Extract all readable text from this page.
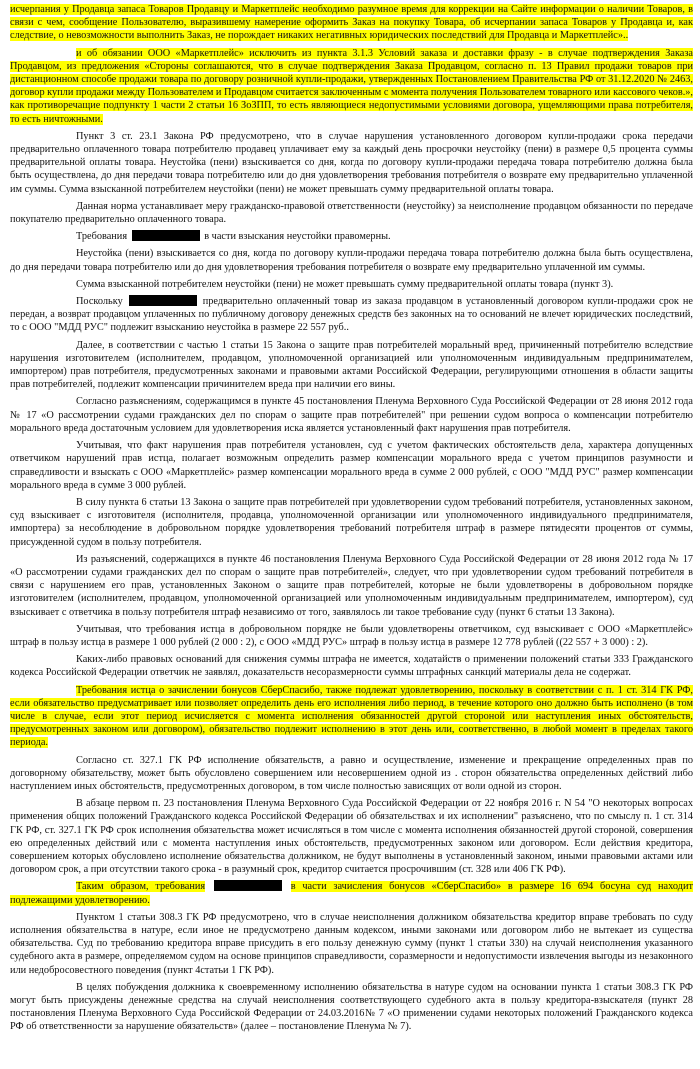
исчерпания у Продавца запаса Товаров Продавцу и Маркетплейс необходимо разумное время для коррекции на Сайте информации о наличии Товаров, в связи с чем, сообщение Пользователю, выразившему намерение оформить Заказ на покупку Товара, об исчерпании запаса Товаров у Продавца и, как следствие, о невозможности выполнить Заказ, не порождает никаких негативных юридических последствий для Продавца и Маркетплейс»..

и об обязании ООО «Маркетплейс» исключить из пункта 3.1.3 Условий заказа и доставки фразу - в случае подтверждения Заказа Продавцом, из предложения «Стороны соглашаются, что в случае подтверждения Заказа Продавцом, согласно п. 13 Правил продажи товаров при дистанционном способе продажи товара по договору розничной купли-продажи, утвержденных Постановлением Правительства РФ от 31.12.2020 № 2463, договор купли продажи между Пользователем и Продавцом считается заключенным с момента получения Пользователем товарного или кассового чеков.», как противоречащие подпункту 1 части 2 статьи 16 ЗоЗПП, то есть являющиеся недопустимыми условиями договора, ущемляющими права потребителя, то есть ничтожными.

Пункт 3 ст. 23.1 Закона РФ предусмотрено, что в случае нарушения установленного договором купли-продажи срока передачи предварительно оплаченного товара потребителю продавец уплачивает ему за каждый день просрочки неустойку (пени) в размере 0,5 процента суммы предварительной оплаты товара. Неустойка (пени) взыскивается со дня, когда по договору купли-продажи передача товара потребителю должна была быть осуществлена, до дня передачи товара потребителю или до дня удовлетворения требования потребителя о возврате ему предварительно уплаченной им суммы. Сумма взысканной потребителем неустойки (пени) не может превышать сумму предварительной оплаты товара.

Данная норма устанавливает меру гражданско-правовой ответственности (неустойку) за неисполнение продавцом обязанности по передаче покупателю предварительно оплаченного товара.

Требования	в части взыскания неустойки правомерны.

Неустойка (пени) взыскивается со дня, когда по договору купли-продажи передача товара потребителю должна была быть осуществлена, до дня передачи товара потребителю или до дня удовлетворения требования потребителя о возврате ему предварительно уплаченной им суммы.

Сумма взысканной потребителем неустойки (пени) не может превышать сумму предварительной оплаты товара (пункт 3).

Поскольку	предварительно оплаченный товар из заказа продавцом в установленный договором купли-продажи срок не передан, а возврат продавцом уплаченных по публичному договору денежных средств без законных на то оснований не влечет юридических последствий, то с ООО "МДД РУС" подлежит взысканию неустойка в размере 22 557 руб..

Далее, в соответствии с частью 1 статьи 15 Закона о защите прав потребителей моральный вред, причиненный потребителю вследствие нарушения изготовителем (исполнителем, продавцом, уполномоченной организацией или уполномоченным индивидуальным предпринимателем, импортером) прав потребителя, предусмотренных законами и правовыми актами Российской Федерации, регулирующими отношения в области защиты прав потребителей, подлежит компенсации причинителем вреда при наличии его вины.

Согласно разъяснениям, содержащимся в пункте 45 постановления Пленума Верховного Суда Российской Федерации от 28 июня 2012 года № 17 «О рассмотрении судами гражданских дел по спорам о защите прав потребителей" при решении судом вопроса о компенсации потребителю морального вреда достаточным условием для удовлетворения иска является установленный факт нарушения прав потребителя.

Учитывая, что факт нарушения прав потребителя установлен, суд с учетом фактических обстоятельств дела, характера допущенных ответчиком нарушений прав истца, полагает возможным определить размер компенсации морального вреда с учетом принципов разумности и справедливости и взыскать с ООО «Маркетплейс» размер компенсации морального вреда в сумме 2 000 рублей, с ООО "МДД РУС" размер компенсации морального вреда в сумме 3 000 рублей.

В силу пункта 6 статьи 13 Закона о защите прав потребителей при удовлетворении судом требований потребителя, установленных законом, суд взыскивает с изготовителя (исполнителя, продавца, уполномоченной организации или уполномоченного индивидуального предпринимателя, импортера) за несоблюдение в добровольном порядке удовлетворения требований потребителя штраф в размере пятидесяти процентов от суммы, присужденной судом в пользу потребителя.

Из разъяснений, содержащихся в пункте 46 постановления Пленума Верховного Суда Российской Федерации от 28 июня 2012 года № 17 «О рассмотрении судами гражданских дел по спорам о защите прав потребителей», следует, что при удовлетворении судом требований потребителя в связи с нарушением его прав, установленных Законом о защите прав потребителей, которые не были удовлетворены в добровольном порядке изготовителем (исполнителем, продавцом, уполномоченной организацией или уполномоченным индивидуальным предпринимателем, импортером), суд взыскивает с ответчика в пользу потребителя штраф независимо от того, заявлялось ли такое требование суду (пункт 6 статьи 13 Закона).

Учитывая, что требования истца в добровольном порядке не были удовлетворены ответчиком, суд взыскивает с ООО «Маркетплейс» штраф в пользу истца в размере 1 000 рублей (2 000 : 2), с ООО «МДД РУС» штраф в пользу истца в размере 12 778 рублей ((22 557 + 3 000) : 2).

Каких-либо правовых оснований для снижения суммы штрафа не имеется, ходатайств о применении положений статьи 333 Гражданского кодекса Российской Федерации ответчик не заявлял, доказательств несоразмерности суммы штрафных санкций материалы дела не содержат.

Требования истца о зачислении бонусов СберСпасибо, также подлежат удовлетворению, поскольку в соответствии с п. 1 ст. 314 ГК РФ, если обязательство предусматривает или позволяет определить день его исполнения либо период, в течение которого оно должно быть исполнено (в том числе в случае, если этот период исчисляется с момента исполнения обязанностей другой стороной или наступления иных обстоятельств, предусмотренных законом или договором), обязательство подлежит исполнению в этот день или, соответственно, в любой момент в пределах такого периода.

Согласно ст. 327.1 ГК РФ исполнение обязательств, а равно и осуществление, изменение и прекращение определенных прав по договорному обязательству, может быть обусловлено совершением или несовершением одной из . сторон обязательства определенных действий либо наступлением иных обстоятельств, предусмотренных договором, в том числе полностью зависящих от воли одной из сторон.

В абзаце первом п. 23 постановления Пленума Верховного Суда Российской Федерации от 22 ноября 2016 г. N 54 "О некоторых вопросах применения общих положений Гражданского кодекса Российской Федерации об обязательствах и их исполнении" разъяснено, что по смыслу п. 1 ст. 314 ГК РФ, ст. 327.1 ГК РФ срок исполнения обязательства может исчисляться в том числе с момента исполнения обязанностей другой стороной, совершения ею определенных действий или с момента наступления иных обстоятельств, предусмотренных законом или договором. Если действия кредитора, совершением которых обусловлено исполнение обязательства должником, не будут выполнены в установленный законом, иными правовыми актами или договором срок, а при отсутствии такого срока - в разумный срок, кредитор считается просрочившим (ст. 328 или 406 ГК РФ).

Таким образом, требования	в части зачисления бонусов «СберСпасибо» в размере 16 694 босуна суд находит подлежащими удовлетворению.

Пунктом 1 статьи 308.3 ГК РФ предусмотрено, что в случае неисполнения должником обязательства кредитор вправе требовать по суду исполнения обязательства в натуре, если иное не предусмотрено данным кодексом, иными законами или договором либо не вытекает из существа обязательства. Суд по требованию кредитора вправе присудить в его пользу денежную сумму (пункт 1 статьи 330) на случай неисполнения указанного судебного акта в размере, определяемом судом на основе принципов справедливости, соразмерности и недопустимости извлечения выгоды из незаконного или недобросовестного поведения (пункт 4статьи 1 ГК РФ).

В целях побуждения должника к своевременному исполнению обязательства в натуре судом на основании пункта 1 статьи 308.3 ГК РФ могут быть присуждены денежные средства на случай неисполнения соответствующего судебного акта в пользу кредитора-взыскателя (пункт 28 постановления Пленума Верховного Суда Российской Федерации от 24.03.2016№ 7 «О применении судами некоторых положений Гражданского кодекса РФ об ответственности за нарушение обязательств» (далее – постановление Пленума № 7).
